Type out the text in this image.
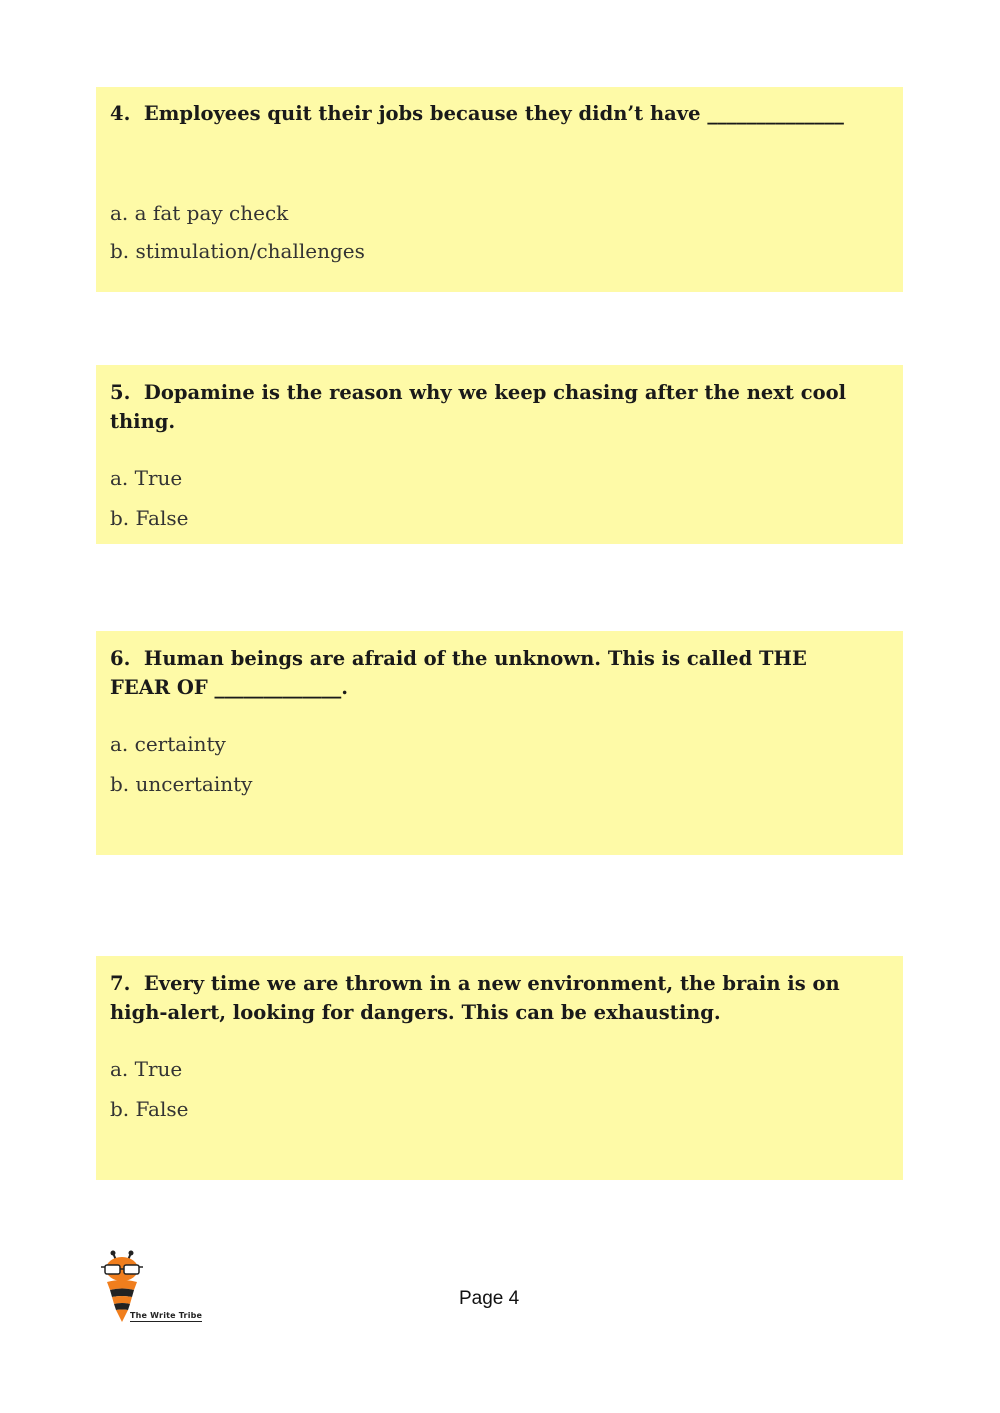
4.  Employees quit their jobs because they didn’t have ______________

a. a fat pay check

b. stimulation/challenges

5.  Dopamine is the reason why we keep chasing after the next cool thing.

a. True

b. False

6.  Human beings are afraid of the unknown. This is called THE FEAR OF _____________.

a. certainty

b. uncertainty

7.  Every time we are thrown in a new environment, the brain is on high-alert, looking for dangers. This can be exhausting.

a. True

b. False

The Write Tribe
Page 4
